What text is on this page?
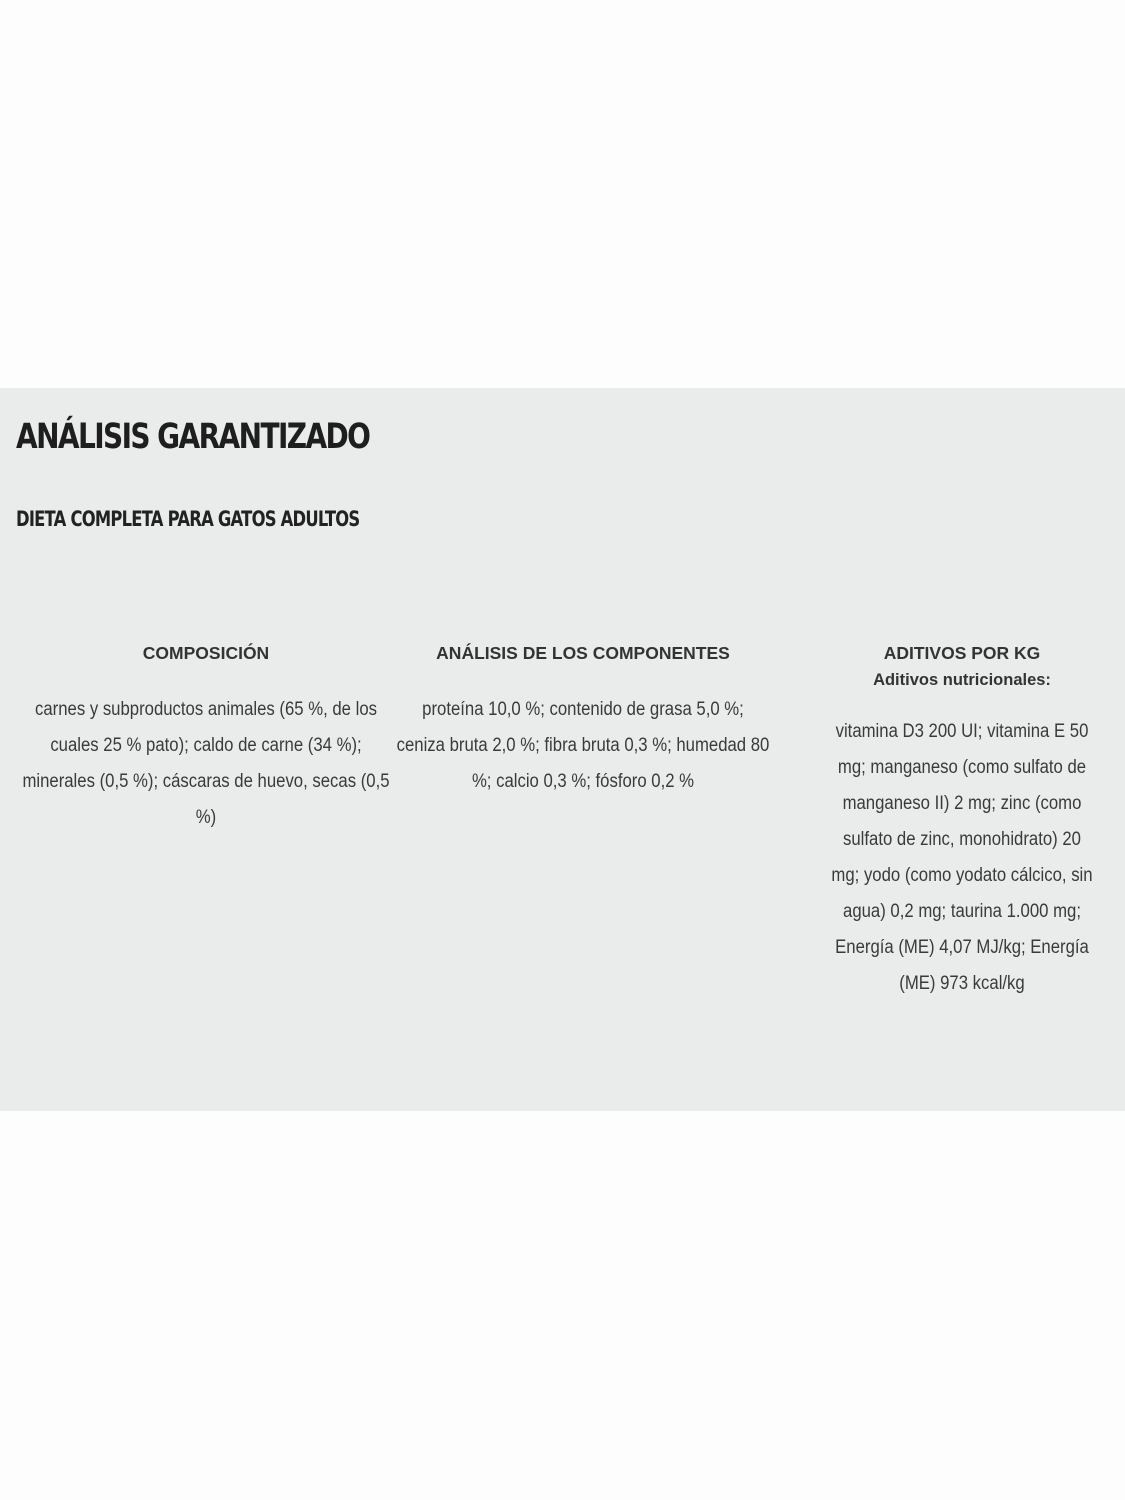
ANÁLISIS GARANTIZADO
DIETA COMPLETA PARA GATOS ADULTOS

COMPOSICIÓN

carnes y subproductos animales (65 %, de los cuales 25 % pato); caldo de carne (34 %); minerales (0,5 %); cáscaras de huevo, secas (0,5 %)

ANÁLISIS DE LOS COMPONENTES

proteína 10,0 %; contenido de grasa 5,0 %; ceniza bruta 2,0 %; fibra bruta 0,3 %; humedad 80 %; calcio 0,3 %; fósforo 0,2 %

ADITIVOS POR KG

Aditivos nutricionales:

vitamina D3 200 UI; vitamina E 50 mg; manganeso (como sulfato de manganeso II) 2 mg; zinc (como sulfato de zinc, monohidrato) 20 mg; yodo (como yodato cálcico, sin agua) 0,2 mg; taurina 1.000 mg; Energía (ME) 4,07 MJ/kg; Energía (ME) 973 kcal/kg
